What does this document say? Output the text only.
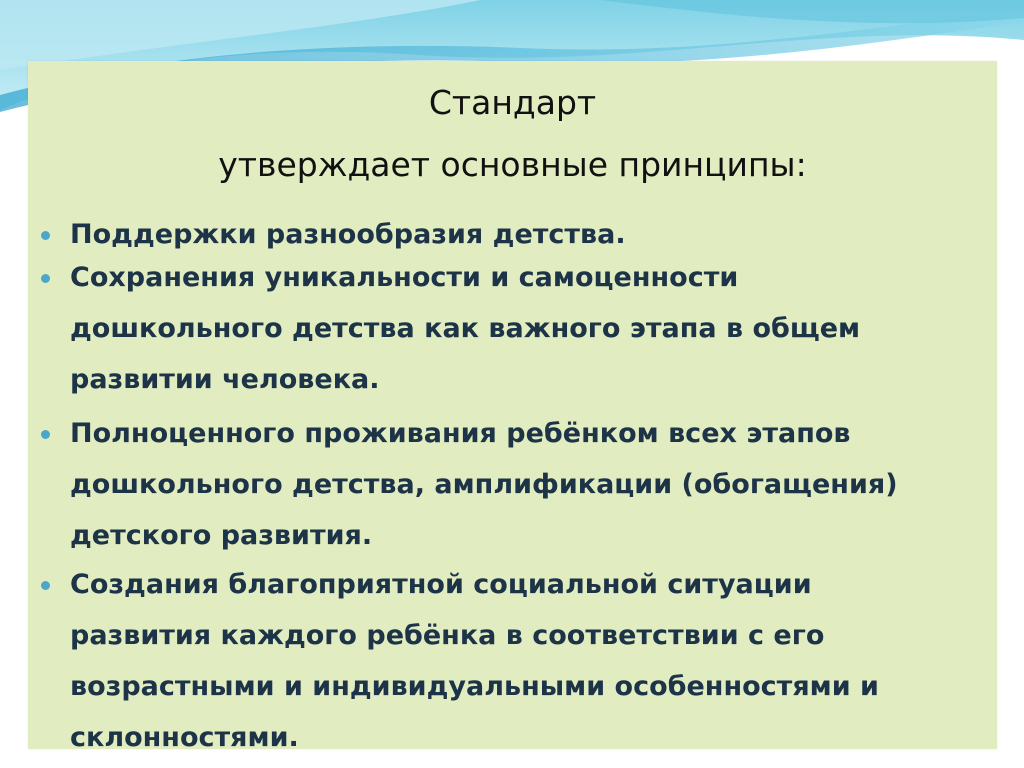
Стандарт
утверждает основные принципы:
Поддержки разнообразия детства.
Сохранения уникальности и самоценности
дошкольного детства как важного этапа в общем
развитии человека.
Полноценного проживания ребёнком всех этапов
дошкольного детства, амплификации (обогащения)
детского развития.
Создания благоприятной социальной ситуации
развития каждого ребёнка в соответствии с его
возрастными и индивидуальными особенностями и
склонностями.
